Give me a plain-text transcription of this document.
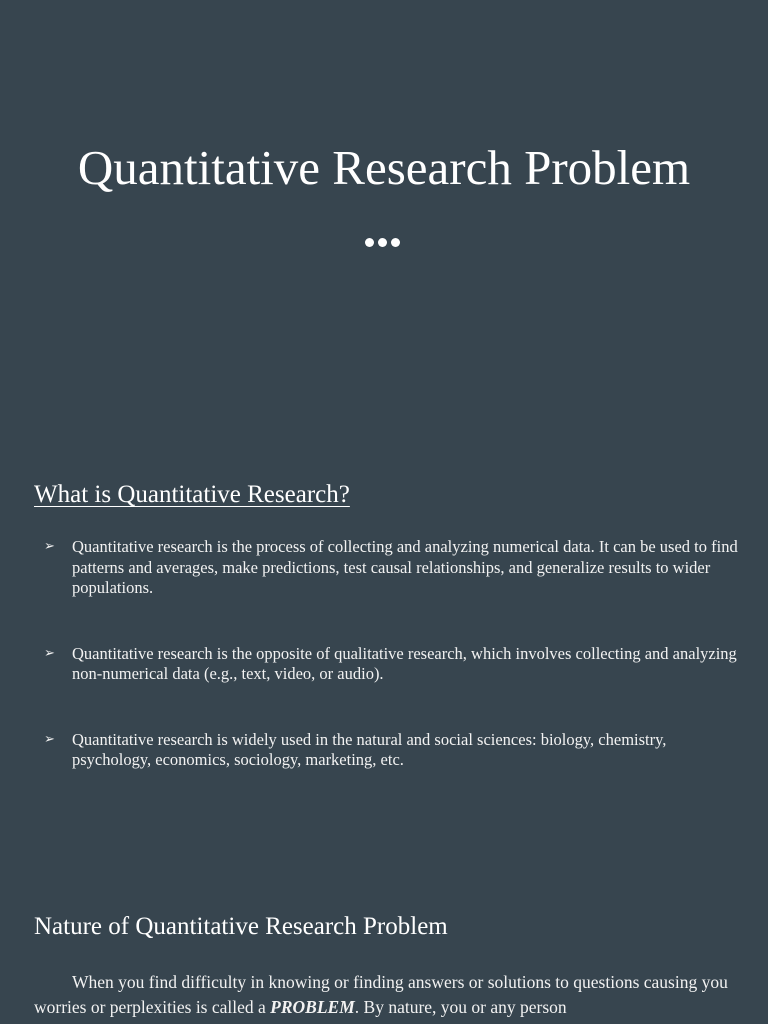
Quantitative Research Problem
What is Quantitative Research?
➢ Quantitative research is the process of collecting and analyzing numerical data. It can be used to find patterns and averages, make predictions, test causal relationships, and generalize results to wider populations.
➢ Quantitative research is the opposite of qualitative research, which involves collecting and analyzing non-numerical data (e.g., text, video, or audio).
➢ Quantitative research is widely used in the natural and social sciences: biology, chemistry, psychology, economics, sociology, marketing, etc.
Nature of Quantitative Research Problem

When you find difficulty in knowing or finding answers or solutions to questions causing you worries or perplexities is called a PROBLEM. By nature, you or any person
